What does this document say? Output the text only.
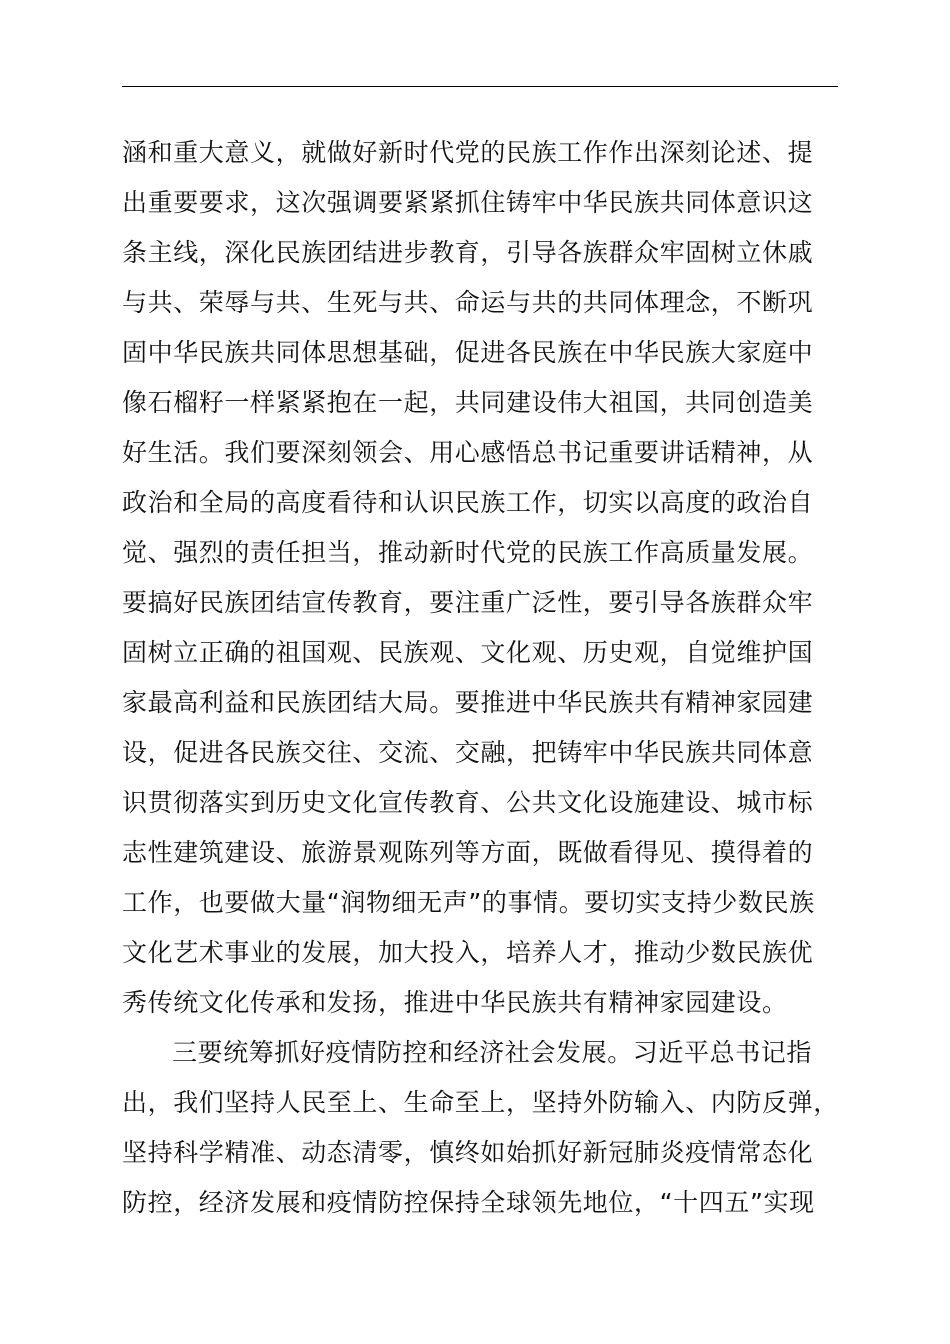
涵和重大意义，就做好新时代党的民族工作作出深刻论述、提
出重要要求，这次强调要紧紧抓住铸牢中华民族共同体意识这
条主线，深化民族团结进步教育，引导各族群众牢固树立休戚
与共、荣辱与共、生死与共、命运与共的共同体理念，不断巩
固中华民族共同体思想基础，促进各民族在中华民族大家庭中
像石榴籽一样紧紧抱在一起，共同建设伟大祖国，共同创造美
好生活。我们要深刻领会、用心感悟总书记重要讲话精神，从
政治和全局的高度看待和认识民族工作，切实以高度的政治自
觉、强烈的责任担当，推动新时代党的民族工作高质量发展。
要搞好民族团结宣传教育，要注重广泛性，要引导各族群众牢
固树立正确的祖国观、民族观、文化观、历史观，自觉维护国
家最高利益和民族团结大局。要推进中华民族共有精神家园建
设，促进各民族交往、交流、交融，把铸牢中华民族共同体意
识贯彻落实到历史文化宣传教育、公共文化设施建设、城市标
志性建筑建设、旅游景观陈列等方面，既做看得见、摸得着的
工作，也要做大量“润物细无声”的事情。要切实支持少数民族
文化艺术事业的发展，加大投入，培养人才，推动少数民族优
秀传统文化传承和发扬，推进中华民族共有精神家园建设。
三要统筹抓好疫情防控和经济社会发展。习近平总书记指
出，我们坚持人民至上、生命至上，坚持外防输入、内防反弹，
坚持科学精准、动态清零，慎终如始抓好新冠肺炎疫情常态化
防控，经济发展和疫情防控保持全球领先地位，“十四五”实现
